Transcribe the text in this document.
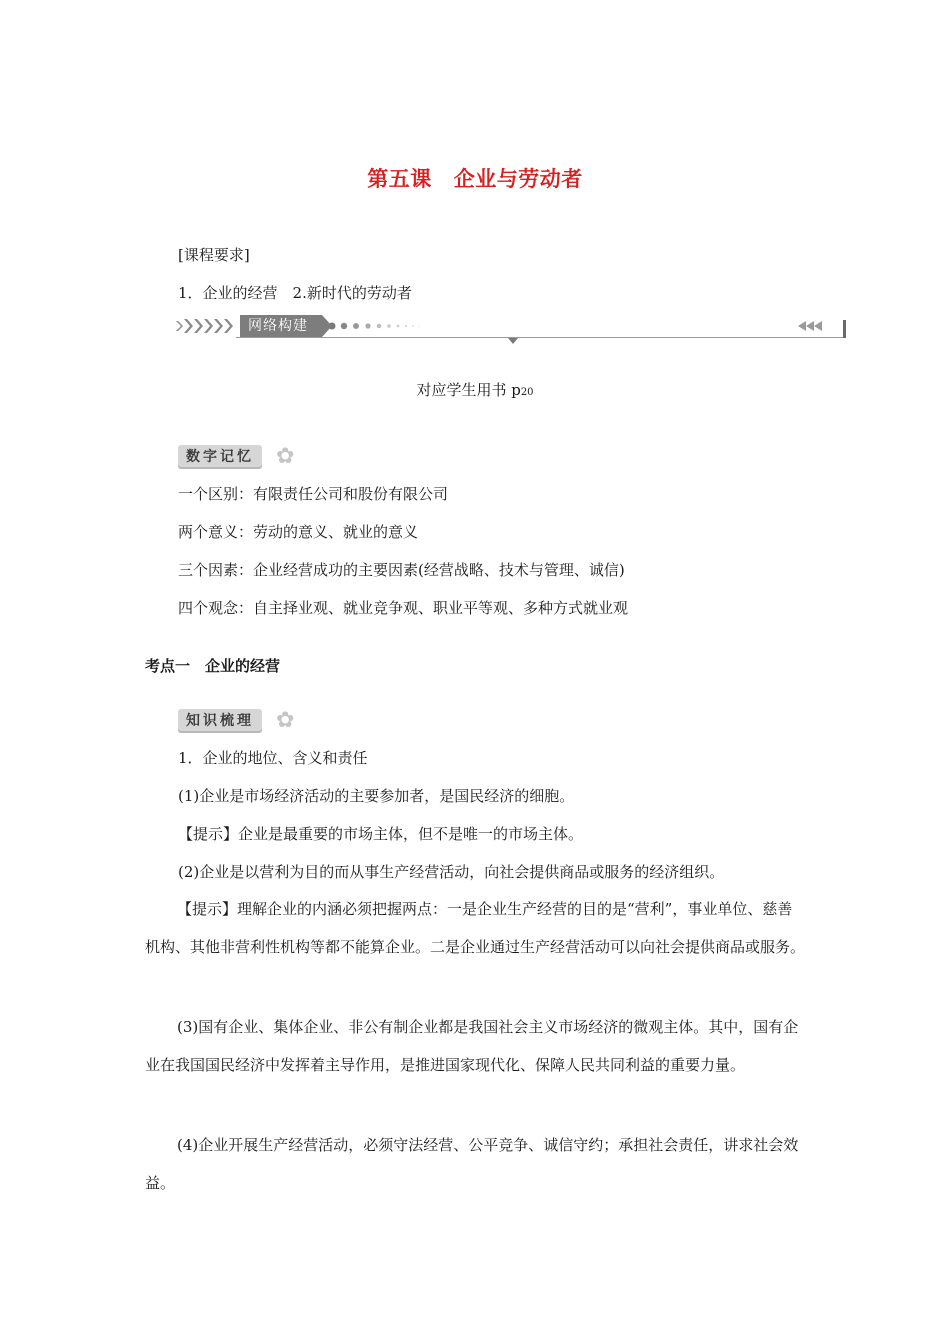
第五课 企业与劳动者
[课程要求]
1．企业的经营　2.新时代的劳动者
网络构建
对应学生用书 p20
数字记忆	✿
一个区别：有限责任公司和股份有限公司
两个意义：劳动的意义、就业的意义
三个因素：企业经营成功的主要因素(经营战略、技术与管理、诚信)
四个观念：自主择业观、就业竞争观、职业平等观、多种方式就业观
考点一　企业的经营
知识梳理	✿
1．企业的地位、含义和责任
(1)企业是市场经济活动的主要参加者，是国民经济的细胞。
【提示】企业是最重要的市场主体，但不是唯一的市场主体。
(2)企业是以营利为目的而从事生产经营活动，向社会提供商品或服务的经济组织。
【提示】理解企业的内涵必须把握两点：一是企业生产经营的目的是“营利”，事业单位、慈善机构、其他非营利性机构等都不能算企业。二是企业通过生产经营活动可以向社会提供商品或服务。
(3)国有企业、集体企业、非公有制企业都是我国社会主义市场经济的微观主体。其中，国有企业在我国国民经济中发挥着主导作用，是推进国家现代化、保障人民共同利益的重要力量。
(4)企业开展生产经营活动，必须守法经营、公平竞争、诚信守约；承担社会责任，讲求社会效益。
